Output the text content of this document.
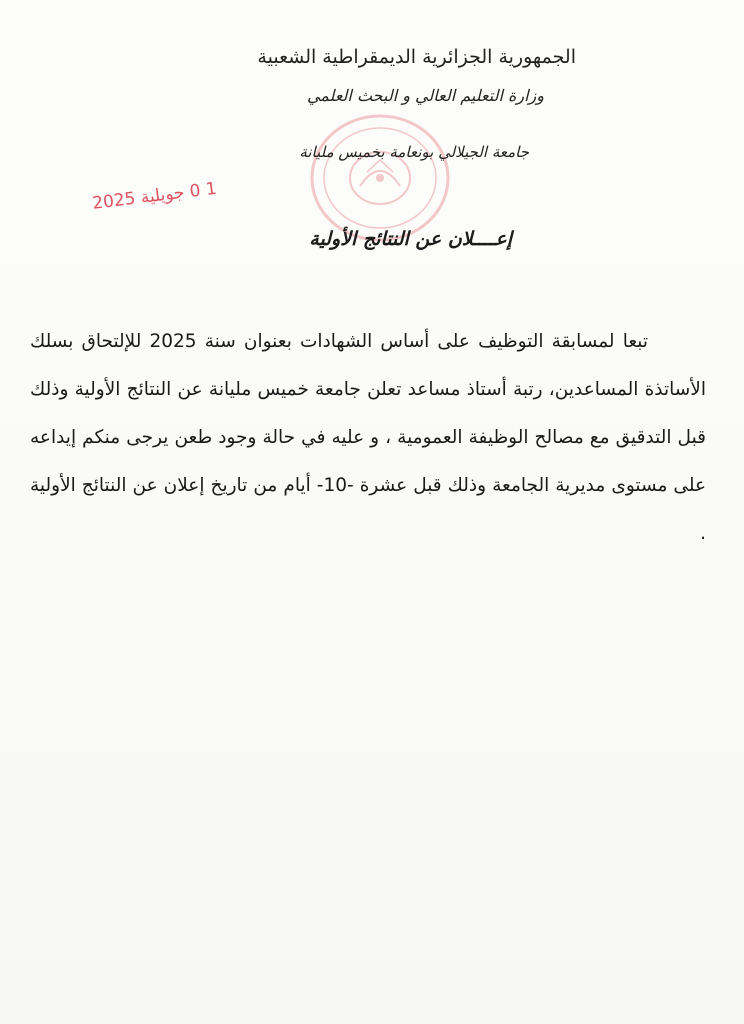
الجمهورية الجزائرية الديمقراطية الشعبية
وزارة التعليم العالي و البحث العلمي
جامعة الجيلالي بونعامة بخميس مليانة
1 0 جويلية 2025
إعــــلان عن النتائج الأولية

تبعا لمسابقة التوظيف على أساس الشهادات بعنوان سنة 2025 للإلتحاق بسلك الأساتذة المساعدين، رتبة أستاذ مساعد تعلن جامعة خميس مليانة عن النتائج الأولية وذلك قبل التدقيق مع مصالح الوظيفة العمومية ، و عليه في حالة وجود طعن يرجى منكم إيداعه على مستوى مديرية الجامعة وذلك قبل عشرة -10- أيام من تاريخ إعلان عن النتائج الأولية .
